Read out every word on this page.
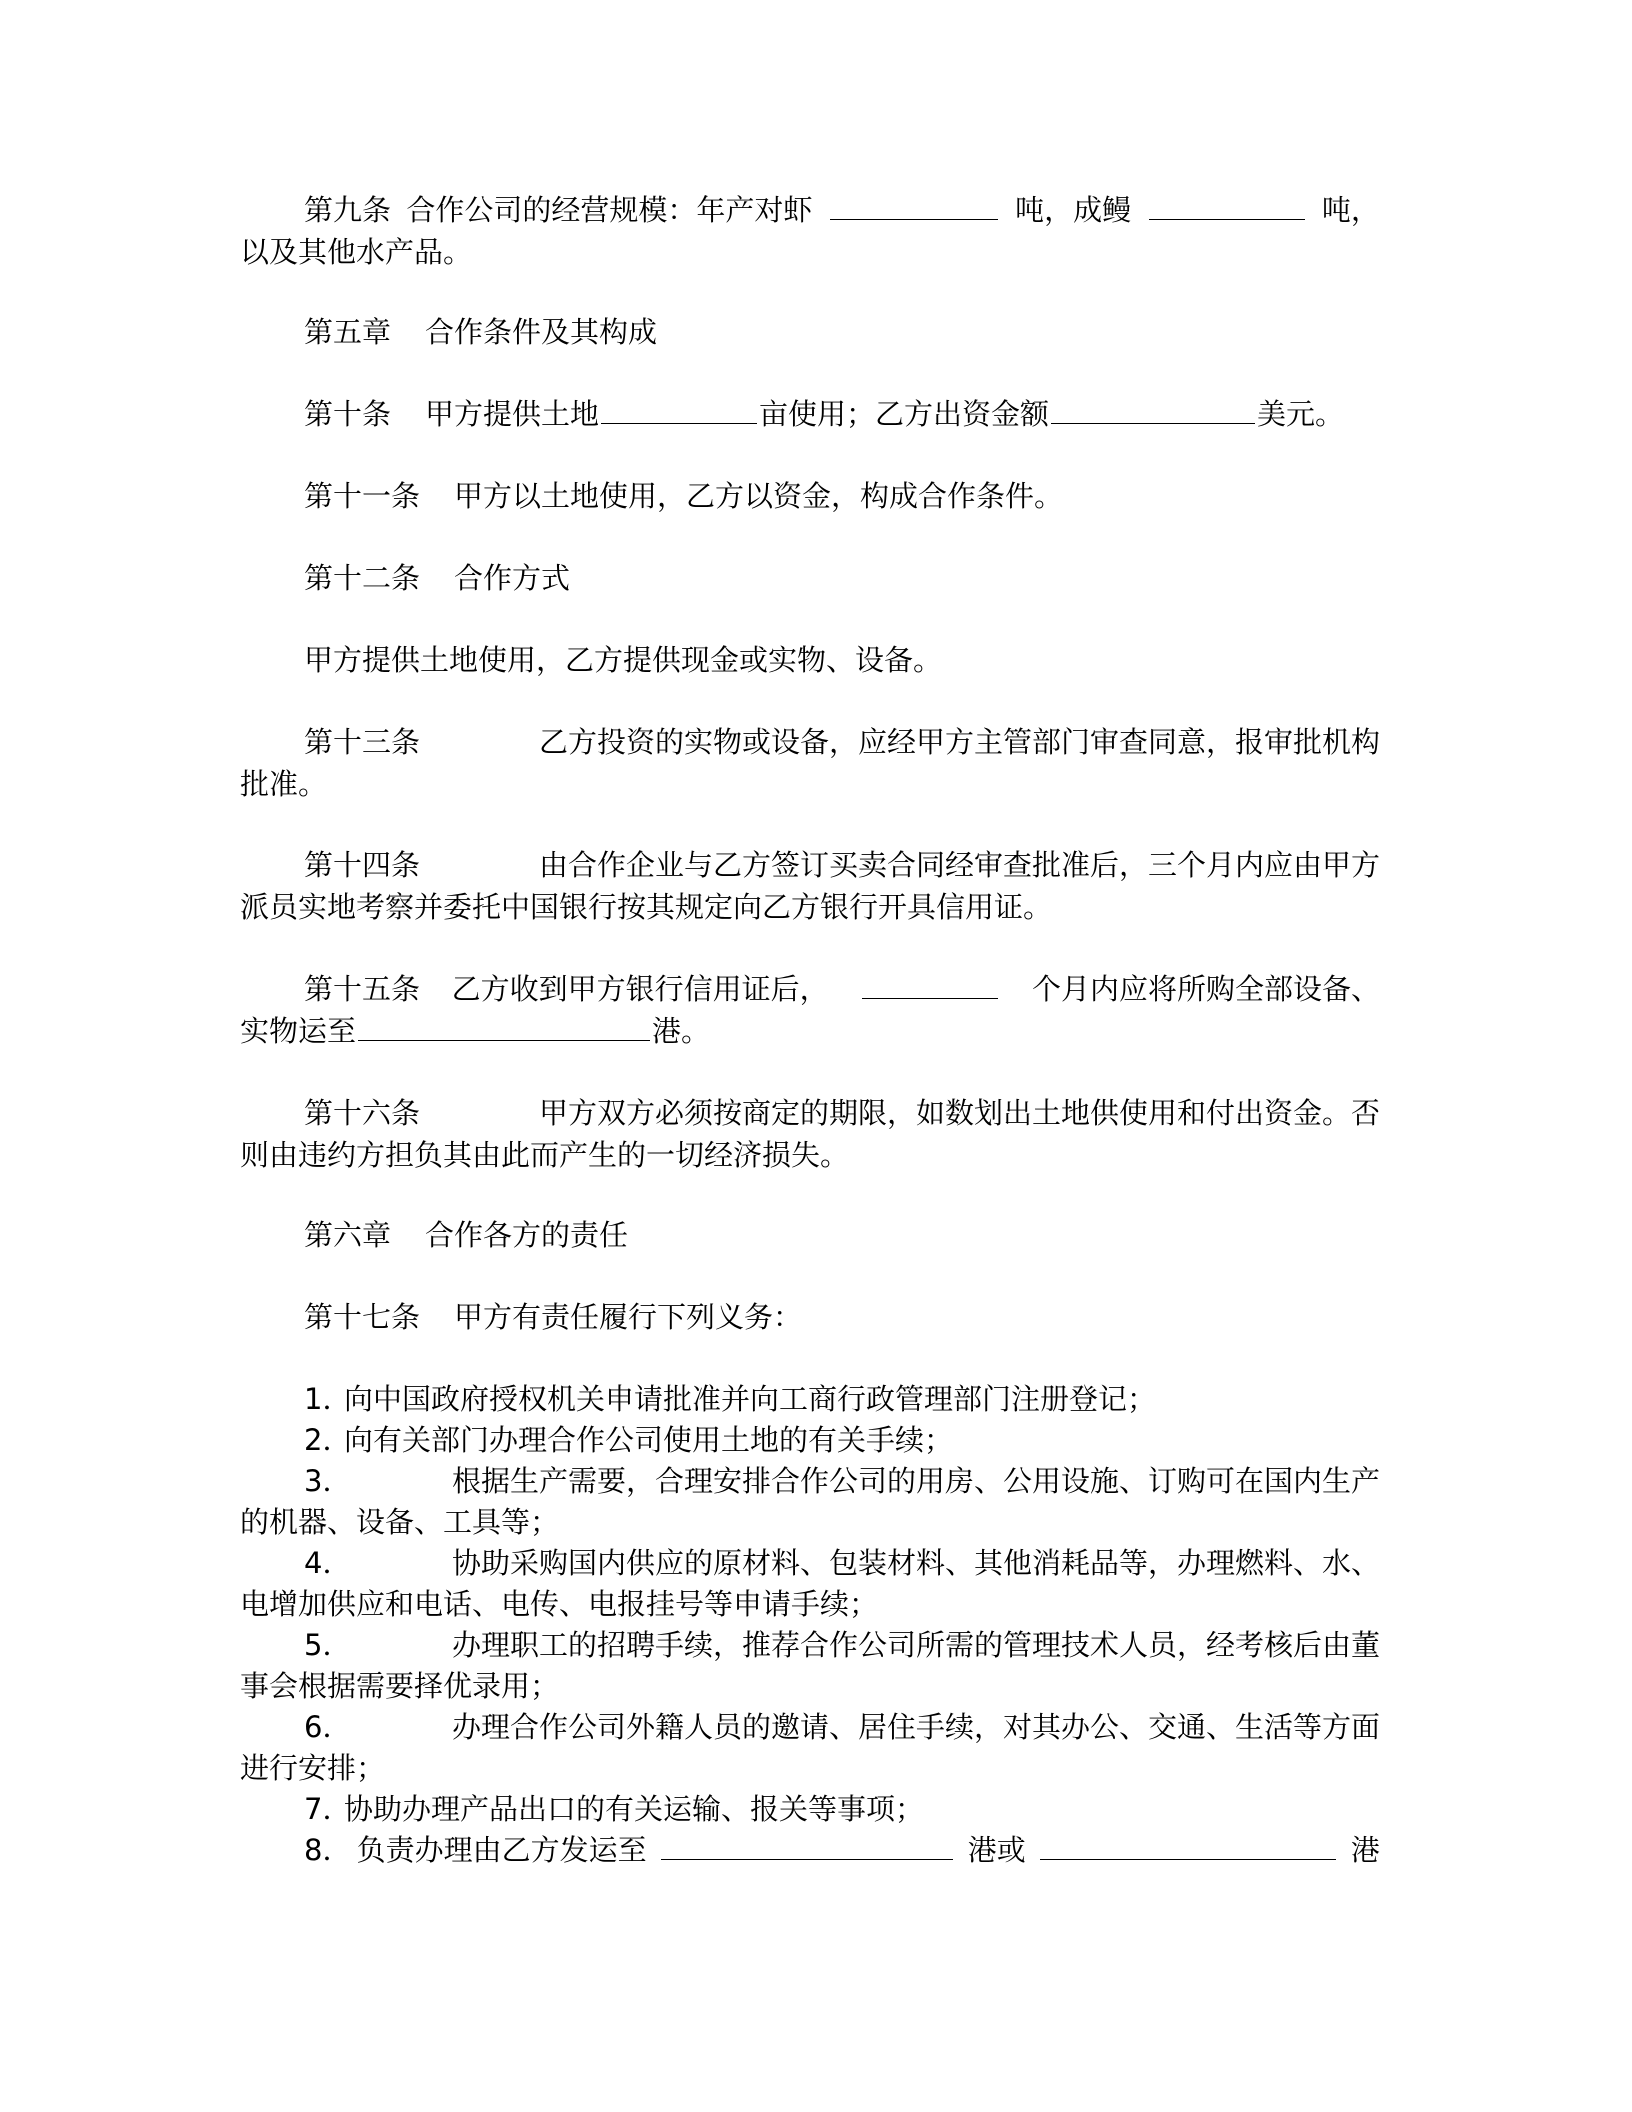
第九条 合作公司的经营规模：年产对虾	吨，成鳗	吨，
以及其他水产品。
第五章 合作条件及其构成
第十条 甲方提供土地	亩使用；乙方出资金额	美元。
第十一条 甲方以土地使用，乙方以资金，构成合作条件。
第十二条 合作方式
甲方提供土地使用，乙方提供现金或实物、设备。
第十三条	乙方投资的实物或设备，应经甲方主管部门审查同意，报审批机构
批准。
第十四条	由合作企业与乙方签订买卖合同经审查批准后，三个月内应由甲方
派员实地考察并委托中国银行按其规定向乙方银行开具信用证。
第十五条 乙方收到甲方银行信用证后，	个月内应将所购全部设备、
实物运至	港。
第十六条	甲方双方必须按商定的期限，如数划出土地供使用和付出资金。否
则由违约方担负其由此而产生的一切经济损失。
第六章 合作各方的责任
第十七条 甲方有责任履行下列义务：
1．
向中国政府授权机关申请批准并向工商行政管理部门注册登记；
2．
向有关部门办理合作公司使用土地的有关手续；
3．	根据生产需要，合理安排合作公司的用房、公用设施、订购可在国内生产
的机器、设备、工具等；
4．	协助采购国内供应的原材料、包装材料、其他消耗品等，办理燃料、水、
电增加供应和电话、电传、电报挂号等申请手续；
5．	办理职工的招聘手续，推荐合作公司所需的管理技术人员，经考核后由董
事会根据需要择优录用；
6．	办理合作公司外籍人员的邀请、居住手续，对其办公、交通、生活等方面
进行安排；
7．
协助办理产品出口的有关运输、报关等事项；
8． 负责办理由乙方发运至	港或	港
